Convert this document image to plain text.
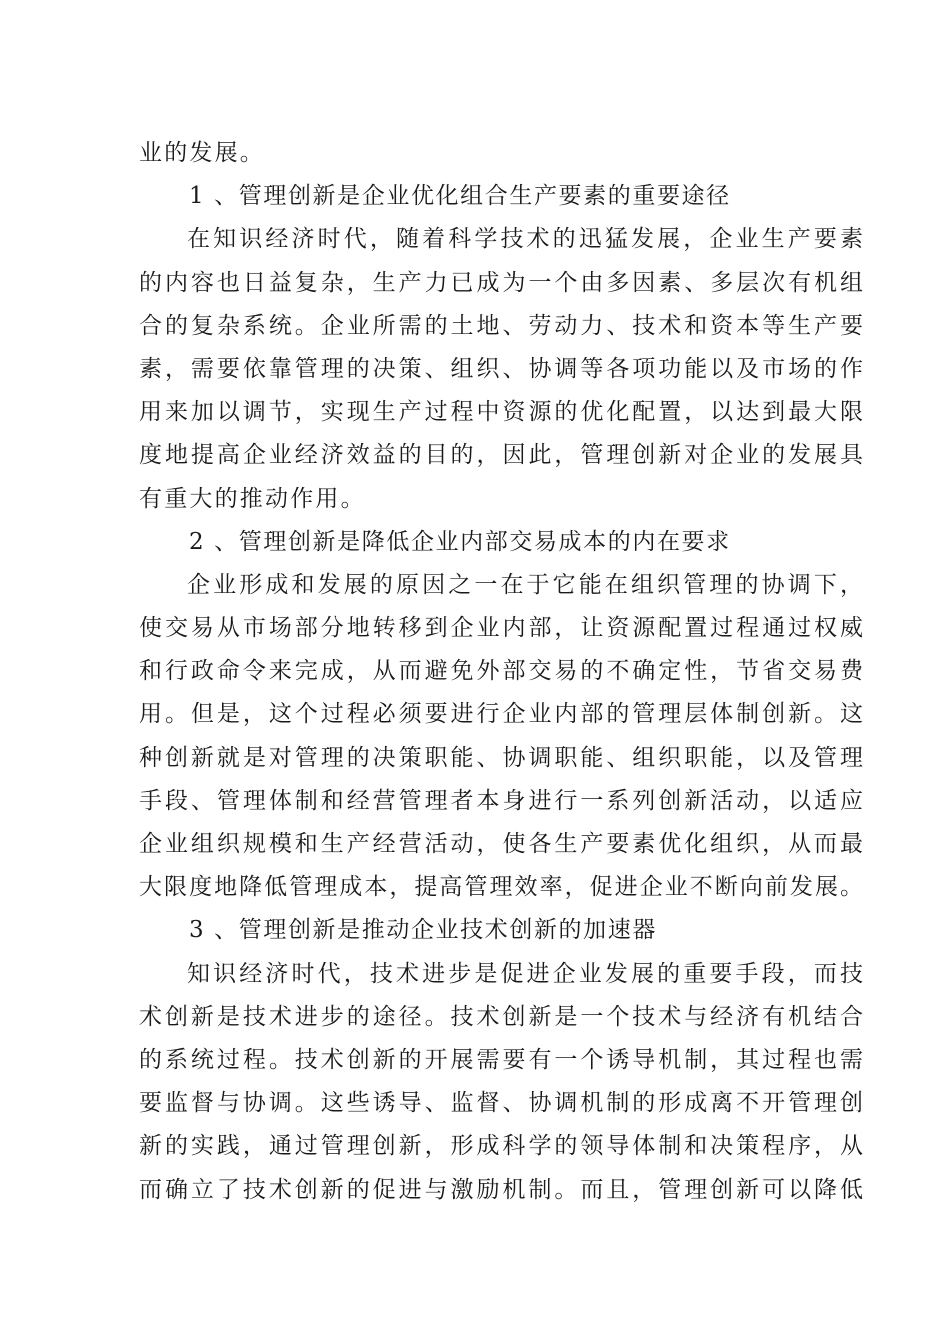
业的发展。
1 、管理创新是企业优化组合生产要素的重要途径
在知识经济时代，随着科学技术的迅猛发展，企业生产要素
的内容也日益复杂，生产力已成为一个由多因素、多层次有机组
合的复杂系统。企业所需的土地、劳动力、技术和资本等生产要
素，需要依靠管理的决策、组织、协调等各项功能以及市场的作
用来加以调节，实现生产过程中资源的优化配置，以达到最大限
度地提高企业经济效益的目的，因此，管理创新对企业的发展具
有重大的推动作用。
2 、管理创新是降低企业内部交易成本的内在要求
企业形成和发展的原因之一在于它能在组织管理的协调下，
使交易从市场部分地转移到企业内部，让资源配置过程通过权威
和行政命令来完成，从而避免外部交易的不确定性，节省交易费
用。但是，这个过程必须要进行企业内部的管理层体制创新。这
种创新就是对管理的决策职能、协调职能、组织职能，以及管理
手段、管理体制和经营管理者本身进行一系列创新活动，以适应
企业组织规模和生产经营活动，使各生产要素优化组织，从而最
大限度地降低管理成本，提高管理效率，促进企业不断向前发展。
3 、管理创新是推动企业技术创新的加速器
知识经济时代，技术进步是促进企业发展的重要手段，而技
术创新是技术进步的途径。技术创新是一个技术与经济有机结合
的系统过程。技术创新的开展需要有一个诱导机制，其过程也需
要监督与协调。这些诱导、监督、协调机制的形成离不开管理创
新的实践，通过管理创新，形成科学的领导体制和决策程序，从
而确立了技术创新的促进与激励机制。而且，管理创新可以降低
